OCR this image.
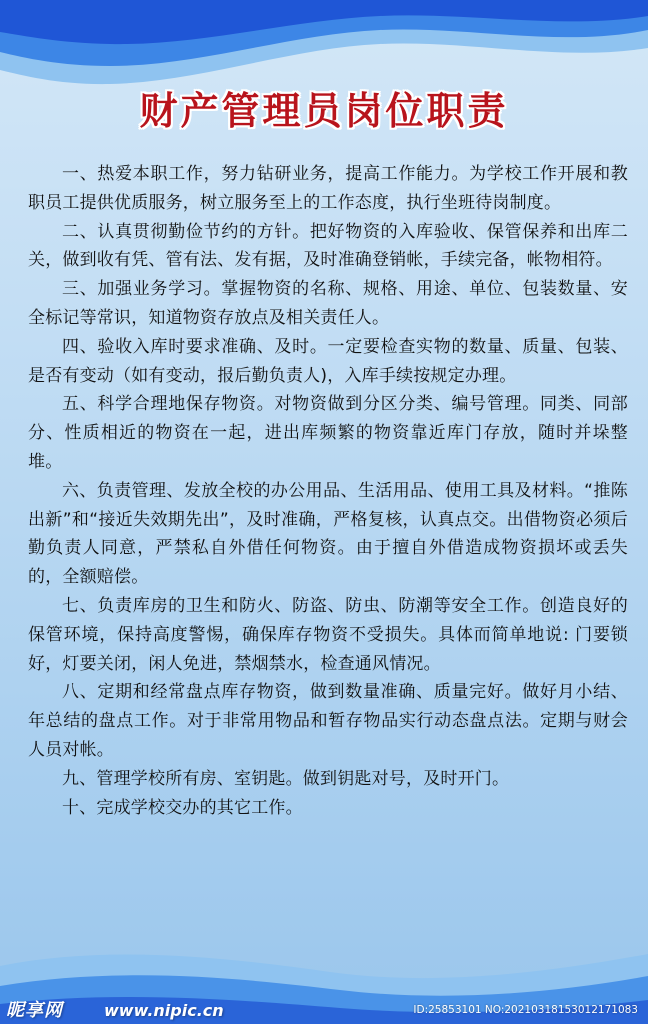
财产管理员岗位职责

一、热爱本职工作，努力钻研业务，提高工作能力。为学校工作开展和教职员工提供优质服务，树立服务至上的工作态度，执行坐班待岗制度。

二、认真贯彻勤俭节约的方针。把好物资的入库验收、保管保养和出库二关，做到收有凭、管有法、发有据，及时准确登销帐，手续完备，帐物相符。

三、加强业务学习。掌握物资的名称、规格、用途、单位、包装数量、安全标记等常识，知道物资存放点及相关责任人。

四、验收入库时要求准确、及时。一定要检查实物的数量、质量、包装、是否有变动（如有变动，报后勤负责人)，入库手续按规定办理。

五、科学合理地保存物资。对物资做到分区分类、编号管理。同类、同部分、性质相近的物资在一起，进出库频繁的物资靠近库门存放，随时并垛整堆。

六、负责管理、发放全校的办公用品、生活用品、使用工具及材料。“推陈出新”和“接近失效期先出”，及时准确，严格复核，认真点交。出借物资必须后勤负责人同意，严禁私自外借任何物资。由于擅自外借造成物资损坏或丢失的，全额赔偿。

七、负责库房的卫生和防火、防盗、防虫、防潮等安全工作。创造良好的保管环境，保持高度警惕，确保库存物资不受损失。具体而简单地说: 门要锁好，灯要关闭，闲人免进，禁烟禁水，检查通风情况。

八、定期和经常盘点库存物资，做到数量准确、质量完好。做好月小结、年总结的盘点工作。对于非常用物品和暂存物品实行动态盘点法。定期与财会人员对帐。

九、管理学校所有房、室钥匙。做到钥匙对号，及时开门。

十、完成学校交办的其它工作。

昵享网	www.nipic.cn	ID:25853101 NO:20210318153012171083
